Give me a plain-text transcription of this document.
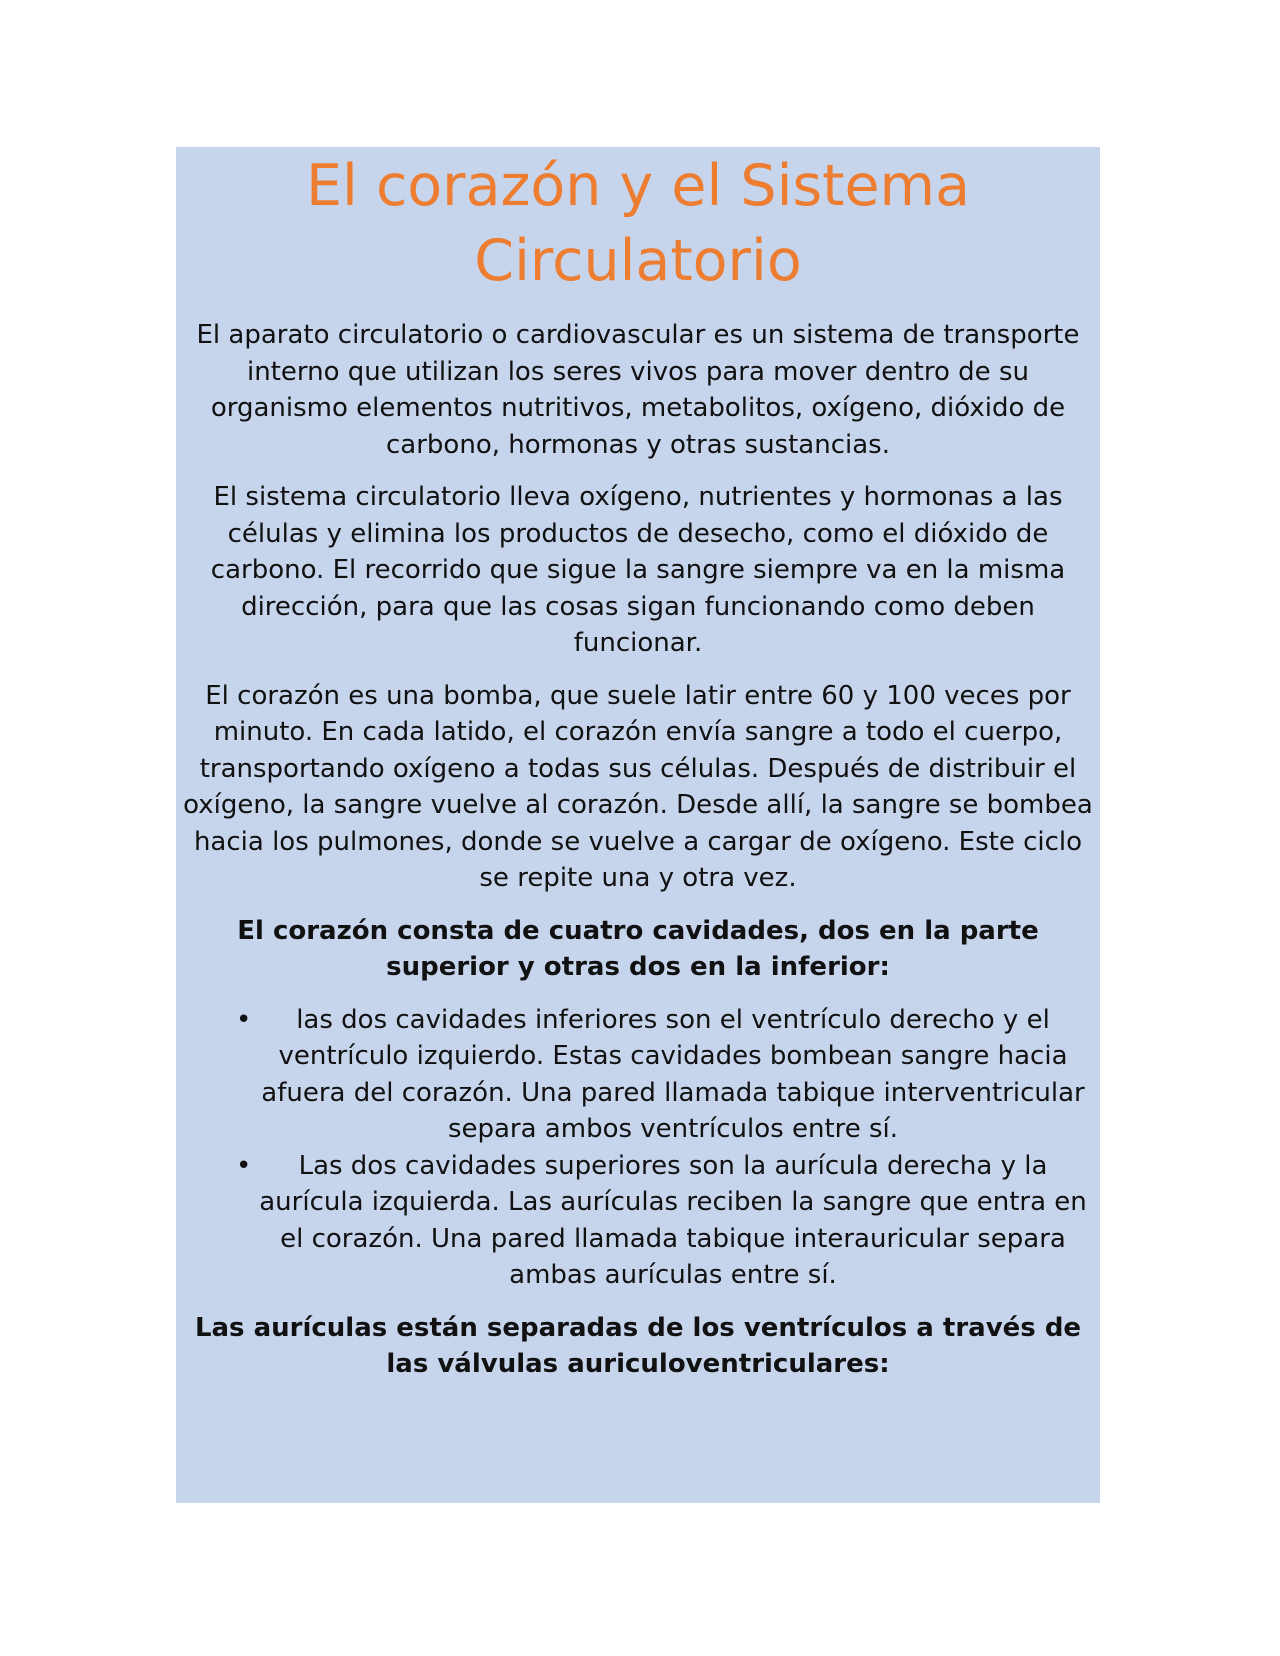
El corazón y el Sistema
Circulatorio

El aparato circulatorio o cardiovascular es un sistema de transporte interno que utilizan los seres vivos para mover dentro de su organismo elementos nutritivos, metabolitos, oxígeno, dióxido de carbono, hormonas y otras sustancias.

El sistema circulatorio lleva oxígeno, nutrientes y hormonas a las células y elimina los productos de desecho, como el dióxido de carbono. El recorrido que sigue la sangre siempre va en la misma dirección, para que las cosas sigan funcionando como deben funcionar.

El corazón es una bomba, que suele latir entre 60 y 100 veces por minuto. En cada latido, el corazón envía sangre a todo el cuerpo, transportando oxígeno a todas sus células. Después de distribuir el oxígeno, la sangre vuelve al corazón. Desde allí, la sangre se bombea hacia los pulmones, donde se vuelve a cargar de oxígeno. Este ciclo se repite una y otra vez.

El corazón consta de cuatro cavidades, dos en la parte superior y otras dos en la inferior:

• las dos cavidades inferiores son el ventrículo derecho y el ventrículo izquierdo. Estas cavidades bombean sangre hacia afuera del corazón. Una pared llamada tabique interventricular separa ambos ventrículos entre sí.
• Las dos cavidades superiores son la aurícula derecha y la aurícula izquierda. Las aurículas reciben la sangre que entra en el corazón. Una pared llamada tabique interauricular separa ambas aurículas entre sí.

Las aurículas están separadas de los ventrículos a través de las válvulas auriculoventriculares:
